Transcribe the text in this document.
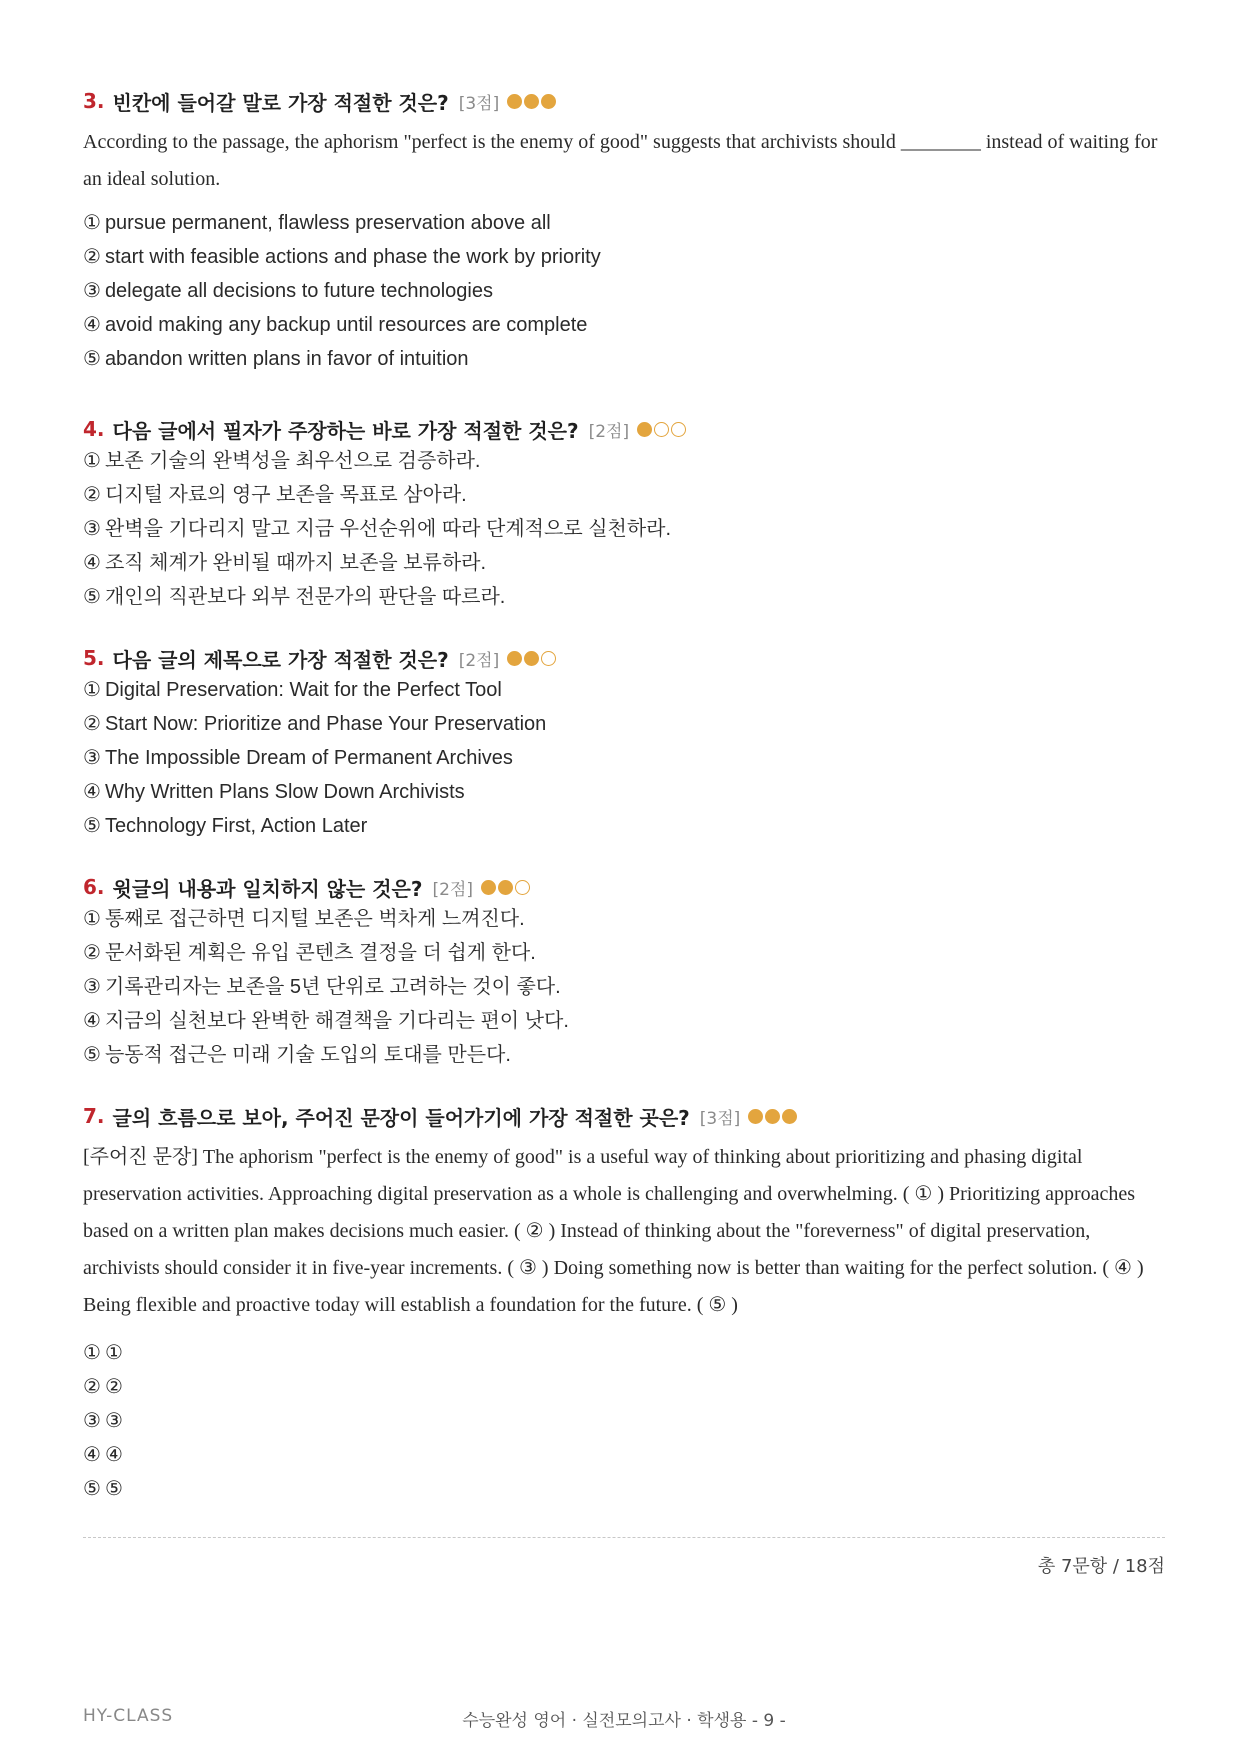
3. 빈칸에 들어갈 말로 가장 적절한 것은? [3점]

According to the passage, the aphorism "perfect is the enemy of good" suggests that archivists should ________ instead of waiting for an ideal solution.

① pursue permanent, flawless preservation above all
② start with feasible actions and phase the work by priority
③ delegate all decisions to future technologies
④ avoid making any backup until resources are complete
⑤ abandon written plans in favor of intuition
4. 다음 글에서 필자가 주장하는 바로 가장 적절한 것은? [2점]
① 보존 기술의 완벽성을 최우선으로 검증하라.
② 디지털 자료의 영구 보존을 목표로 삼아라.
③ 완벽을 기다리지 말고 지금 우선순위에 따라 단계적으로 실천하라.
④ 조직 체계가 완비될 때까지 보존을 보류하라.
⑤ 개인의 직관보다 외부 전문가의 판단을 따르라.
5. 다음 글의 제목으로 가장 적절한 것은? [2점]
① Digital Preservation: Wait for the Perfect Tool
② Start Now: Prioritize and Phase Your Preservation
③ The Impossible Dream of Permanent Archives
④ Why Written Plans Slow Down Archivists
⑤ Technology First, Action Later
6. 윗글의 내용과 일치하지 않는 것은? [2점]
① 통째로 접근하면 디지털 보존은 벅차게 느껴진다.
② 문서화된 계획은 유입 콘텐츠 결정을 더 쉽게 한다.
③ 기록관리자는 보존을 5년 단위로 고려하는 것이 좋다.
④ 지금의 실천보다 완벽한 해결책을 기다리는 편이 낫다.
⑤ 능동적 접근은 미래 기술 도입의 토대를 만든다.
7. 글의 흐름으로 보아, 주어진 문장이 들어가기에 가장 적절한 곳은? [3점]

[주어진 문장] The aphorism "perfect is the enemy of good" is a useful way of thinking about prioritizing and phasing digital preservation activities. Approaching digital preservation as a whole is challenging and overwhelming. ( ① ) Prioritizing approaches based on a written plan makes decisions much easier. ( ② ) Instead of thinking about the "foreverness" of digital preservation, archivists should consider it in five-year increments. ( ③ ) Doing something now is better than waiting for the perfect solution. ( ④ ) Being flexible and proactive today will establish a foundation for the future. ( ⑤ )

① ①
② ②
③ ③
④ ④
⑤ ⑤
총 7문항 / 18점
HY-CLASS	수능완성 영어 · 실전모의고사 · 학생용 - 9 -
